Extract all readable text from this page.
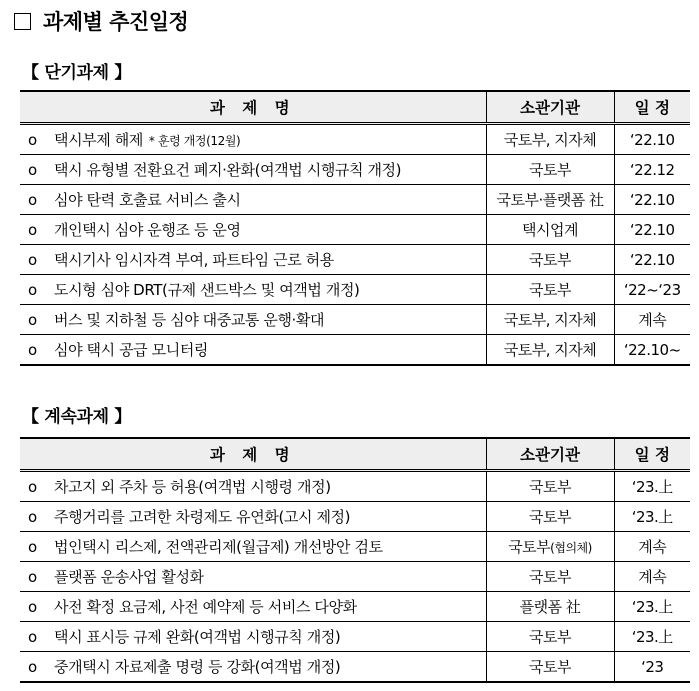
과제별 추진일정
【 단기과제 】
과 제 명	소관기관	일 정
o 택시부제 해제 * 훈령 개정(12월)	국토부, 지자체	‘22.10
o 택시 유형별 전환요건 폐지·완화(여객법 시행규칙 개정)	국토부	‘22.12
o 심야 탄력 호출료 서비스 출시	국토부·플랫폼 社	‘22.10
o 개인택시 심야 운행조 등 운영	택시업계	‘22.10
o 택시기사 임시자격 부여, 파트타임 근로 허용	국토부	‘22.10
o 도시형 심야 DRT(규제 샌드박스 및 여객법 개정)	국토부	‘22~‘23
o 버스 및 지하철 등 심야 대중교통 운행·확대	국토부, 지자체	계속
o 심야 택시 공급 모니터링	국토부, 지자체	‘22.10~
【 계속과제 】
과 제 명	소관기관	일 정
o 차고지 외 주차 등 허용(여객법 시행령 개정)	국토부	‘23.上
o 주행거리를 고려한 차령제도 유연화(고시 제정)	국토부	‘23.上
o 법인택시 리스제, 전액관리제(월급제) 개선방안 검토	국토부(협의체)	계속
o 플랫폼 운송사업 활성화	국토부	계속
o 사전 확정 요금제, 사전 예약제 등 서비스 다양화	플랫폼 社	‘23.上
o 택시 표시등 규제 완화(여객법 시행규칙 개정)	국토부	‘23.上
o 중개택시 자료제출 명령 등 강화(여객법 개정)	국토부	‘23
